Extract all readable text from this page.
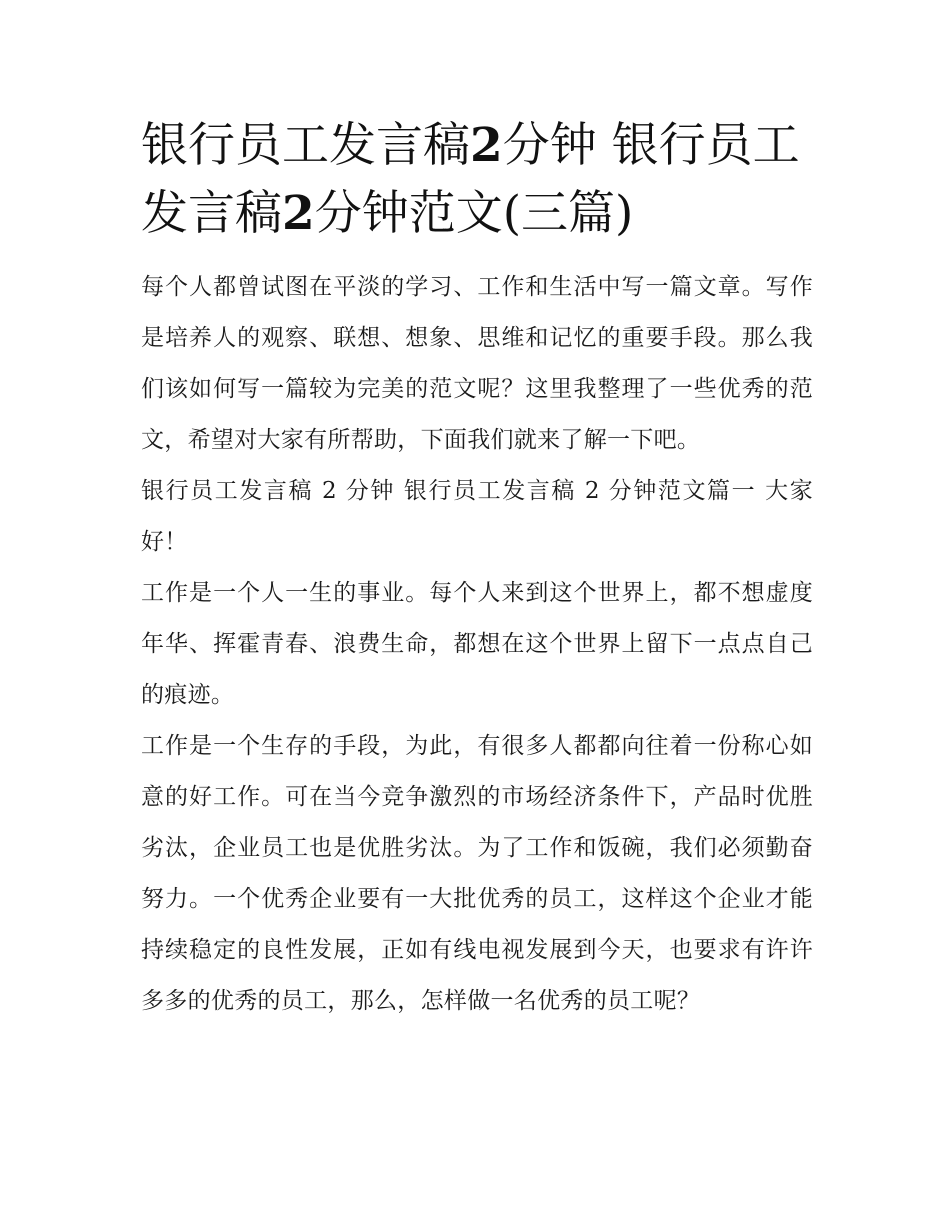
银行员工发言稿2分钟 银行员工发言稿2分钟范文(三篇)

每个人都曾试图在平淡的学习、工作和生活中写一篇文章。写作是培养人的观察、联想、想象、思维和记忆的重要手段。那么我们该如何写一篇较为完美的范文呢？这里我整理了一些优秀的范文，希望对大家有所帮助，下面我们就来了解一下吧。

银行员工发言稿 2 分钟 银行员工发言稿 2 分钟范文篇一 大家好！

工作是一个人一生的事业。每个人来到这个世界上，都不想虚度年华、挥霍青春、浪费生命，都想在这个世界上留下一点点自己的痕迹。

工作是一个生存的手段，为此，有很多人都都向往着一份称心如意的好工作。可在当今竞争激烈的市场经济条件下，产品时优胜劣汰，企业员工也是优胜劣汰。为了工作和饭碗，我们必须勤奋努力。一个优秀企业要有一大批优秀的员工，这样这个企业才能持续稳定的良性发展，正如有线电视发展到今天，也要求有许许多多的优秀的员工，那么，怎样做一名优秀的员工呢？
